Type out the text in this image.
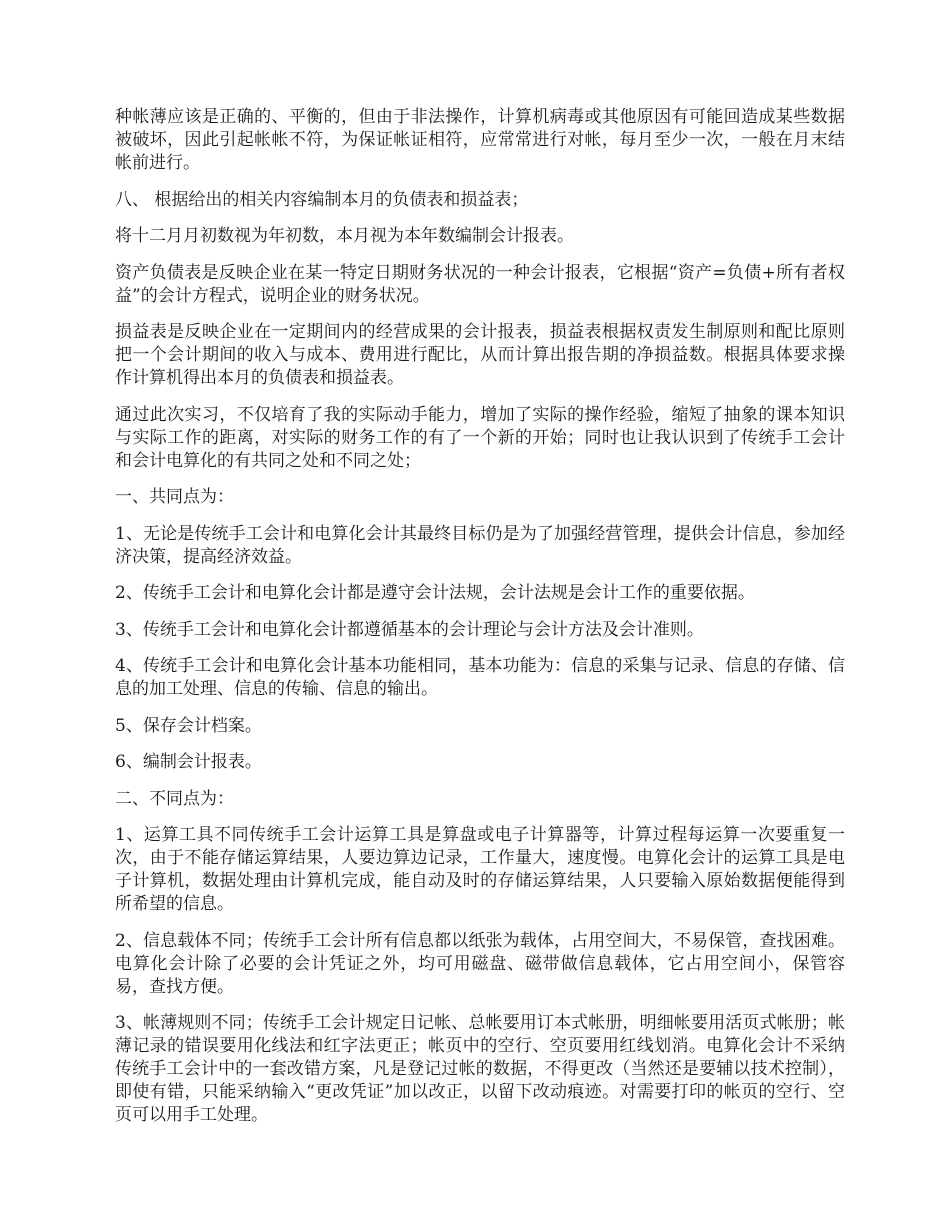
种帐薄应该是正确的、平衡的，但由于非法操作，计算机病毒或其他原因有可能回造成某些数据被破坏，因此引起帐帐不符，为保证帐证相符，应常常进行对帐，每月至少一次，一般在月末结帐前进行。

八、 根据给出的相关内容编制本月的负债表和损益表；

将十二月月初数视为年初数，本月视为本年数编制会计报表。

资产负债表是反映企业在某一特定日期财务状况的一种会计报表，它根据“资产=负债+所有者权益”的会计方程式，说明企业的财务状况。

损益表是反映企业在一定期间内的经营成果的会计报表，损益表根据权责发生制原则和配比原则把一个会计期间的收入与成本、费用进行配比，从而计算出报告期的净损益数。根据具体要求操作计算机得出本月的负债表和损益表。

通过此次实习，不仅培育了我的实际动手能力，增加了实际的操作经验，缩短了抽象的课本知识与实际工作的距离，对实际的财务工作的有了一个新的开始；同时也让我认识到了传统手工会计和会计电算化的有共同之处和不同之处；

一、共同点为：

1、无论是传统手工会计和电算化会计其最终目标仍是为了加强经营管理，提供会计信息，参加经济决策，提高经济效益。

2、传统手工会计和电算化会计都是遵守会计法规，会计法规是会计工作的重要依据。

3、传统手工会计和电算化会计都遵循基本的会计理论与会计方法及会计准则。

4、传统手工会计和电算化会计基本功能相同，基本功能为：信息的采集与记录、信息的存储、信息的加工处理、信息的传输、信息的输出。

5、保存会计档案。

6、编制会计报表。

二、不同点为：

1、运算工具不同传统手工会计运算工具是算盘或电子计算器等，计算过程每运算一次要重复一次，由于不能存储运算结果，人要边算边记录，工作量大，速度慢。电算化会计的运算工具是电子计算机，数据处理由计算机完成，能自动及时的存储运算结果，人只要输入原始数据便能得到所希望的信息。

2、信息载体不同；传统手工会计所有信息都以纸张为载体，占用空间大，不易保管，查找困难。电算化会计除了必要的会计凭证之外，均可用磁盘、磁带做信息载体，它占用空间小，保管容易，查找方便。

3、帐薄规则不同；传统手工会计规定日记帐、总帐要用订本式帐册，明细帐要用活页式帐册；帐薄记录的错误要用化线法和红字法更正；帐页中的空行、空页要用红线划消。电算化会计不采纳传统手工会计中的一套改错方案，凡是登记过帐的数据，不得更改（当然还是要辅以技术控制），即使有错，只能采纳输入“更改凭证”加以改正，以留下改动痕迹。对需要打印的帐页的空行、空页可以用手工处理。
